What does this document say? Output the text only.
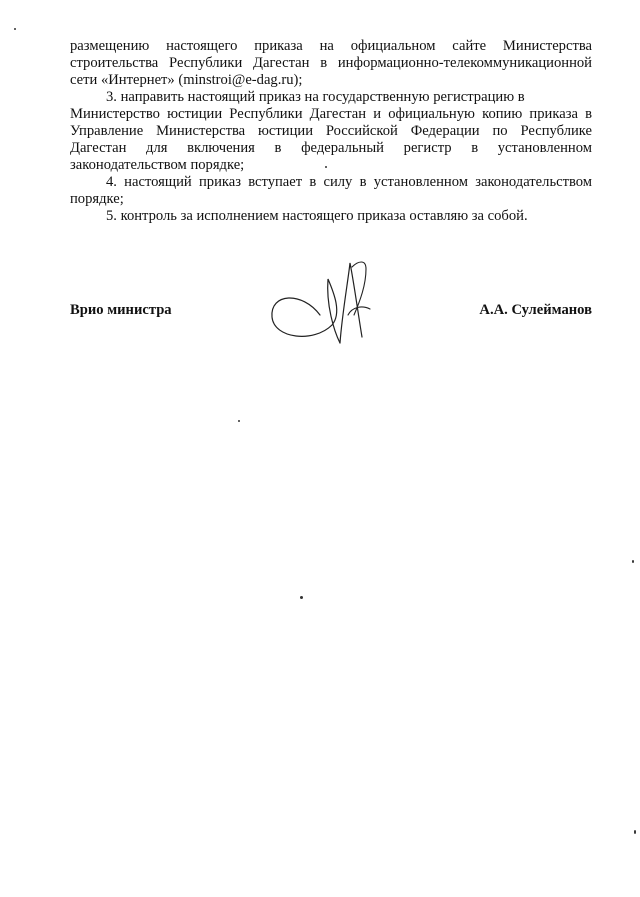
размещению настоящего приказа на официальном сайте Министерства
строительства Республики Дагестан в информационно-телекоммуникационной
сети «Интернет» (minstroi@e-dag.ru);
3. направить настоящий приказ на государственную регистрацию в
Министерство юстиции Республики Дагестан и официальную копию приказа в
Управление Министерства юстиции Российской Федерации по Республике
Дагестан для включения в федеральный регистр в установленном
законодательством порядке;
4. настоящий приказ вступает в силу в установленном законодательством
порядке;
5. контроль за исполнением настоящего приказа оставляю за собой.
Врио министра	А.А. Сулейманов
